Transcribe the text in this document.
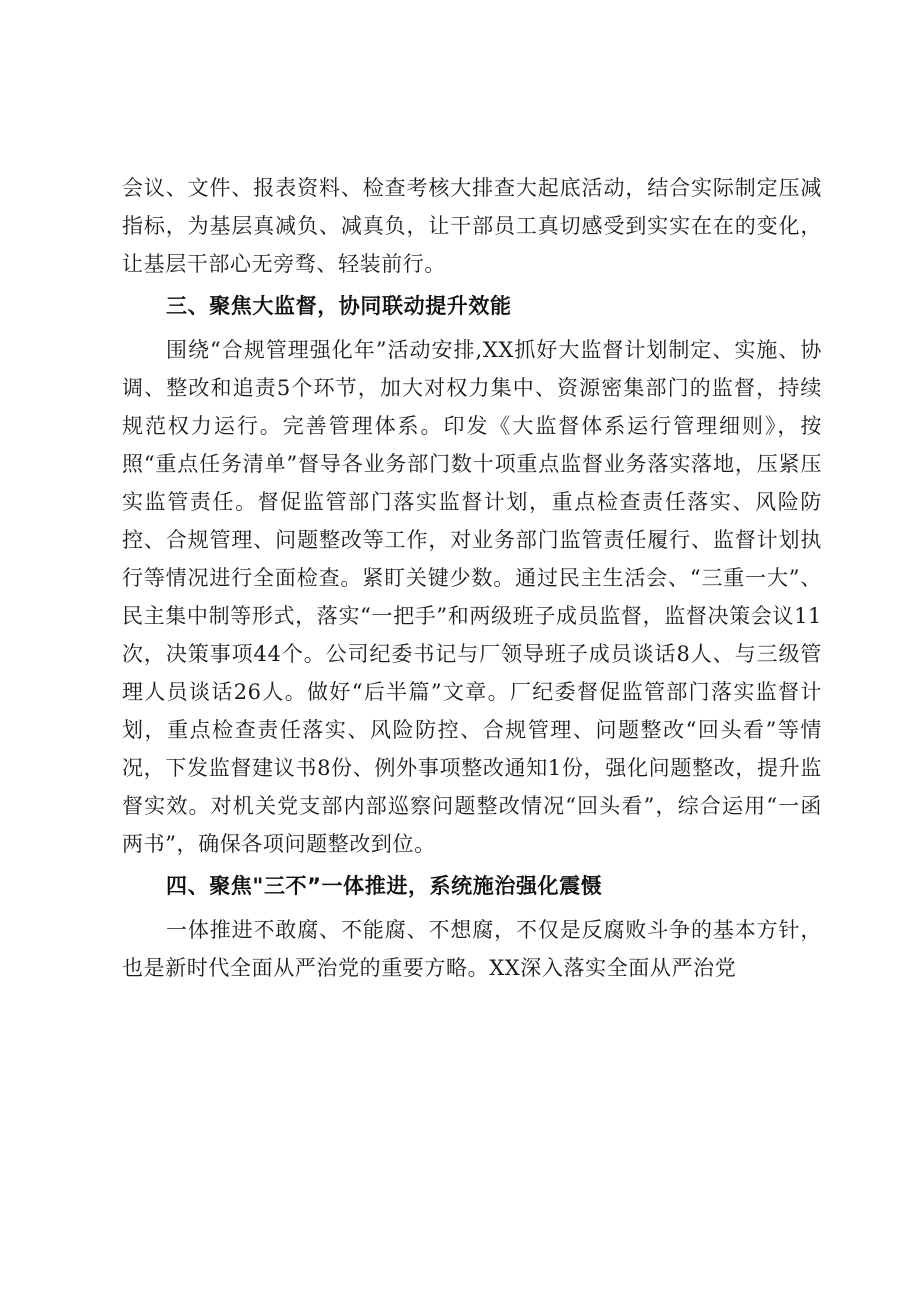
会议、文件、报表资料、检查考核大排查大起底活动，结合实际制定压减指标，为基层真减负、减真负，让干部员工真切感受到实实在在的变化，让基层干部心无旁骛、轻装前行。

三、聚焦大监督，协同联动提升效能

围绕“合规管理强化年”活动安排,XX抓好大监督计划制定、实施、协调、整改和追责5个环节，加大对权力集中、资源密集部门的监督，持续规范权力运行。完善管理体系。印发《大监督体系运行管理细则》，按照“重点任务清单”督导各业务部门数十项重点监督业务落实落地，压紧压实监管责任。督促监管部门落实监督计划，重点检查责任落实、风险防控、合规管理、问题整改等工作，对业务部门监管责任履行、监督计划执行等情况进行全面检查。紧盯关键少数。通过民主生活会、“三重一大”、民主集中制等形式，落实“一把手”和两级班子成员监督，监督决策会议11次，决策事项44个。公司纪委书记与厂领导班子成员谈话8人、与三级管理人员谈话26人。做好“后半篇”文章。厂纪委督促监管部门落实监督计划，重点检查责任落实、风险防控、合规管理、问题整改“回头看”等情况，下发监督建议书8份、例外事项整改通知1份，强化问题整改，提升监督实效。对机关党支部内部巡察问题整改情况“回头看”，综合运用“一函两书”，确保各项问题整改到位。

四、聚焦"三不”一体推进，系统施治强化震慑

一体推进不敢腐、不能腐、不想腐，不仅是反腐败斗争的基本方针，也是新时代全面从严治党的重要方略。XX深入落实全面从严治党
